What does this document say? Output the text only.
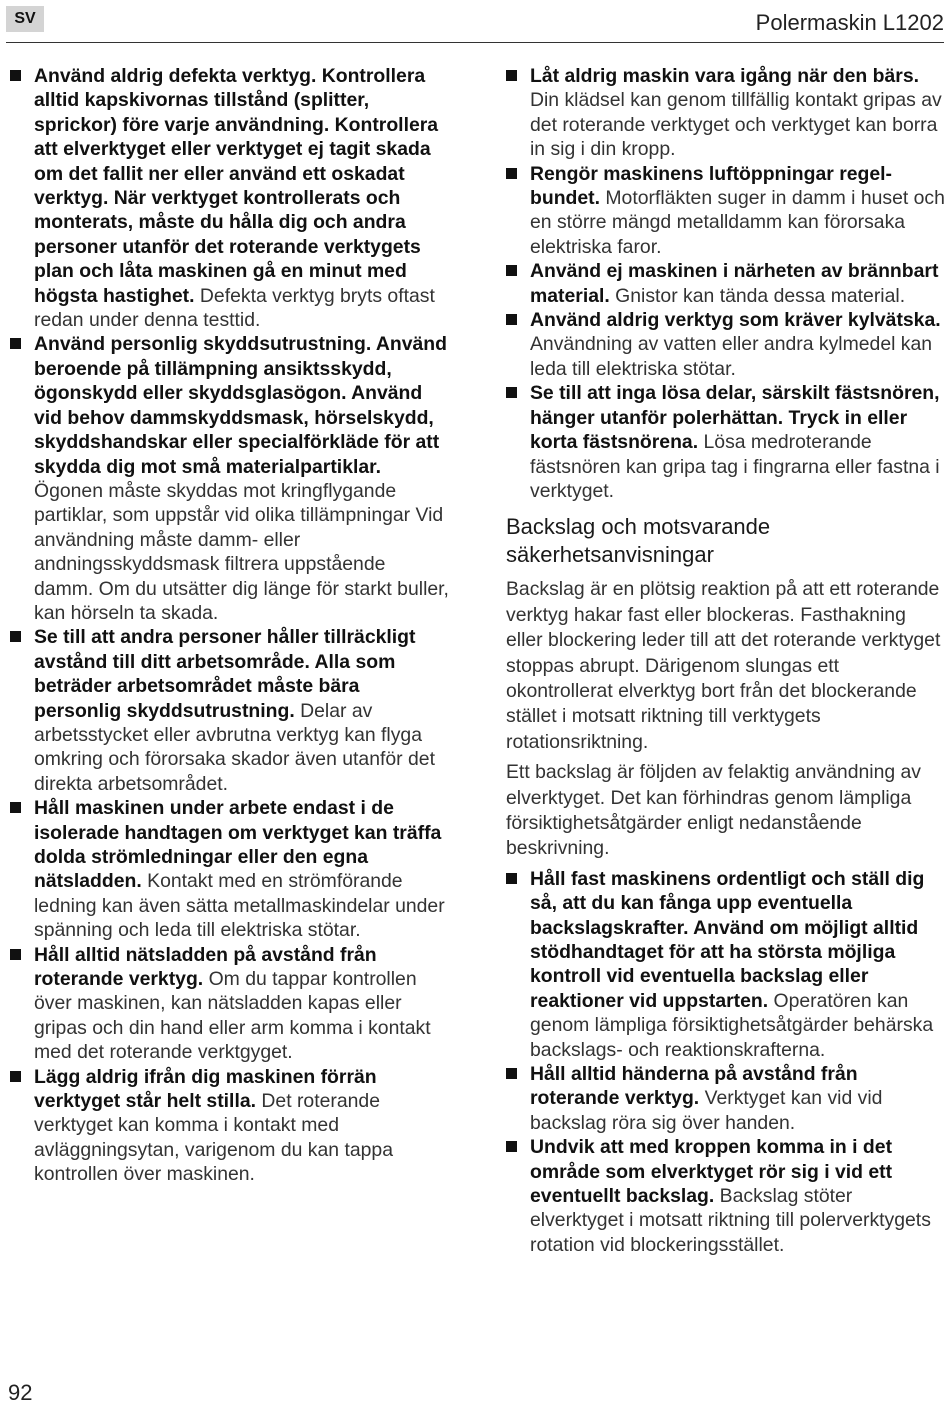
SV	Polermaskin L1202
Använd aldrig defekta verktyg. Kontrollera alltid kapskivornas tillstånd (splitter, sprickor) före varje användning. Kontrollera att elverktyget eller verktyget ej tagit skada om det fallit ner eller använd ett oskadat verktyg. När verktyget kontrollerats och monterats, måste du hålla dig och andra personer utanför det roterande verktygets plan och låta maskinen gå en minut med högsta hastighet. Defekta verktyg bryts oftast redan under denna testtid.
Använd personlig skyddsutrustning. Använd beroende på tillämpning ansiktsskydd, ögonskydd eller skyddsglasögon. Använd vid behov dammskyddsmask, hörselskydd, skyddshandskar eller specialförkläde för att skydda dig mot små materialpartiklar. Ögonen måste skyddas mot kringflygande partiklar, som uppstår vid olika tillämpningar Vid användning måste damm- eller andningsskyddsmask filtrera uppstående damm. Om du utsätter dig länge för starkt buller, kan hörseln ta skada.
Se till att andra personer håller tillräckligt avstånd till ditt arbetsområde. Alla som beträder arbetsområdet måste bära personlig skyddsutrustning. Delar av arbetsstycket eller avbrutna verktyg kan flyga omkring och förorsaka skador även utanför det direkta arbetsområdet.
Håll maskinen under arbete endast i de isolerade handtagen om verktyget kan träffa dolda strömledningar eller den egna nätsladden. Kontakt med en strömförande ledning kan även sätta metallmaskindelar under spänning och leda till elektriska stötar.
Håll alltid nätsladden på avstånd från roterande verktyg. Om du tappar kontrollen över maskinen, kan nätsladden kapas eller gripas och din hand eller arm komma i kontakt med det roterande verktgyget.
Lägg aldrig ifrån dig maskinen förrän verktyget står helt stilla. Det roterande verktyget kan komma i kontakt med avläggningsytan, varigenom du kan tappa kontrollen över maskinen.
Låt aldrig maskin vara igång när den bärs. Din klädsel kan genom tillfällig kontakt gripas av det roterande verktyget och verktyget kan borra in sig i din kropp.
Rengör maskinens luftöppningar regelbundet. Motorfläkten suger in damm i huset och en större mängd metalldamm kan förorsaka elektriska faror.
Använd ej maskinen i närheten av brännbart material. Gnistor kan tända dessa material.
Använd aldrig verktyg som kräver kylvätska. Användning av vatten eller andra kylmedel kan leda till elektriska stötar.
Se till att inga lösa delar, särskilt fästsnören, hänger utanför polerhättan. Tryck in eller korta fästsnörena. Lösa medroterande fästsnören kan gripa tag i fingrarna eller fastna i verktyget.
Backslag och motsvarande säkerhetsanvisningar

Backslag är en plötsig reaktion på att ett roterande verktyg hakar fast eller blockeras. Fasthakning eller blockering leder till att det roterande verktyget stoppas abrupt. Därigenom slungas ett okontrollerat elverktyg bort från det blockerande stället i motsatt riktning till verktygets rotationsriktning.

Ett backslag är följden av felaktig användning av elverktyget. Det kan förhindras genom lämpliga försiktighetsåtgärder enligt nedanstående beskrivning.

Håll fast maskinens ordentligt och ställ dig så, att du kan fånga upp eventuella backslagskrafter. Använd om möjligt alltid stödhandtaget för att ha största möjliga kontroll vid eventuella backslag eller reaktioner vid uppstarten. Operatören kan genom lämpliga försiktighetsåtgärder behärska backslags- och reaktionskrafterna.
Håll alltid händerna på avstånd från roterande verktyg. Verktyget kan vid vid backslag röra sig över handen.
Undvik att med kroppen komma in i det område som elverktyget rör sig i vid ett eventuellt backslag. Backslag stöter elverktyget i motsatt riktning till polerverktygets rotation vid blockeringsstället.
92
